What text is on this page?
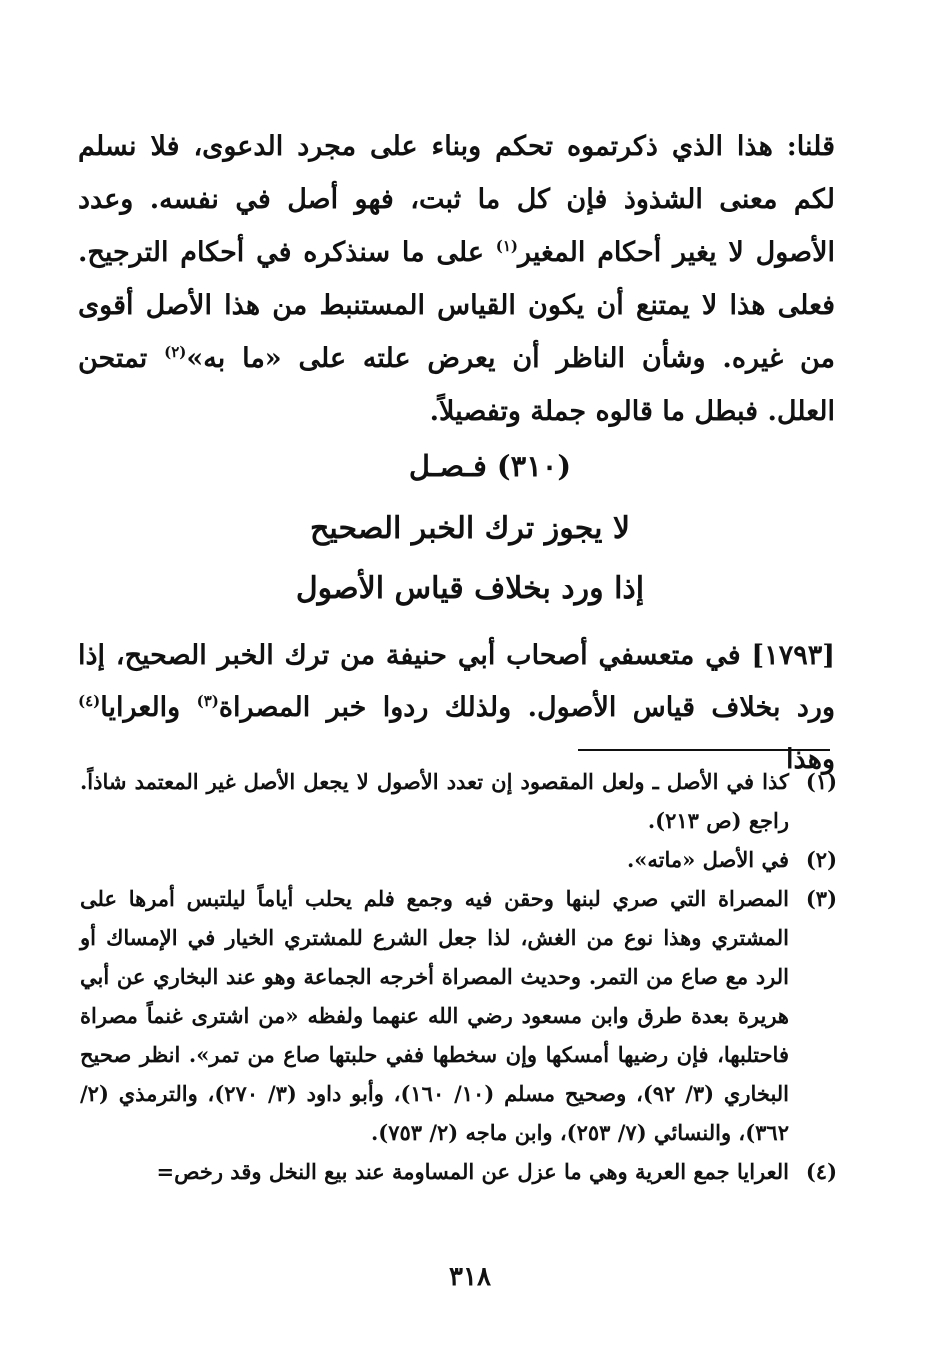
قلنا: هذا الذي ذكرتموه تحكم وبناء على مجرد الدعوى، فلا نسلم لكم معنى الشذوذ فإن كل ما ثبت، فهو أصل في نفسه. وعدد الأصول لا يغير أحكام المغير$^{(١)}$ على ما سنذكره في أحكام الترجيح. فعلى هذا لا يمتنع أن يكون القياس المستنبط من هذا الأصل أقوى من غيره. وشأن الناظر أن يعرض علته على «ما به»$^{(٢)}$ تمتحن العلل. فبطل ما قالوه جملة وتفصيلاً.

(٣١٠) فـصـل
لا يجوز ترك الخبر الصحيح
إذا ورد بخلاف قياس الأصول
[١٧٩٣] في متعسفي أصحاب أبي حنيفة من ترك الخبر الصحيح، إذا ورد بخلاف قياس الأصول. ولذلك ردوا خبر المصراة$^{(٣)}$ والعرايا$^{(٤)}$ وهذا
(١)
كذا في الأصل ـ ولعل المقصود إن تعدد الأصول لا يجعل الأصل غير المعتمد شاذاً. راجع (ص ٢١٣).
(٢)
في الأصل «ماته».
(٣)
المصراة التي صري لبنها وحقن فيه وجمع فلم يحلب أياماً ليلتبس أمرها على المشتري وهذا نوع من الغش، لذا جعل الشرع للمشتري الخيار في الإمساك أو الرد مع صاع من التمر. وحديث المصراة أخرجه الجماعة وهو عند البخاري عن أبي هريرة بعدة طرق وابن مسعود رضي الله عنهما ولفظه «من اشترى غنماً مصراة فاحتلبها، فإن رضيها أمسكها وإن سخطها ففي حلبتها صاع من تمر». انظر صحيح البخاري (٣/ ٩٢)، وصحيح مسلم (١٠/ ١٦٠)، وأبو داود (٣/ ٢٧٠)، والترمذي (٢/ ٣٦٢)، والنسائي (٧/ ٢٥٣)، وابن ماجه (٢/ ٧٥٣).
(٤)
العرايا جمع العرية وهي ما عزل عن المساومة عند بيع النخل وقد رخص=
٣١٨
